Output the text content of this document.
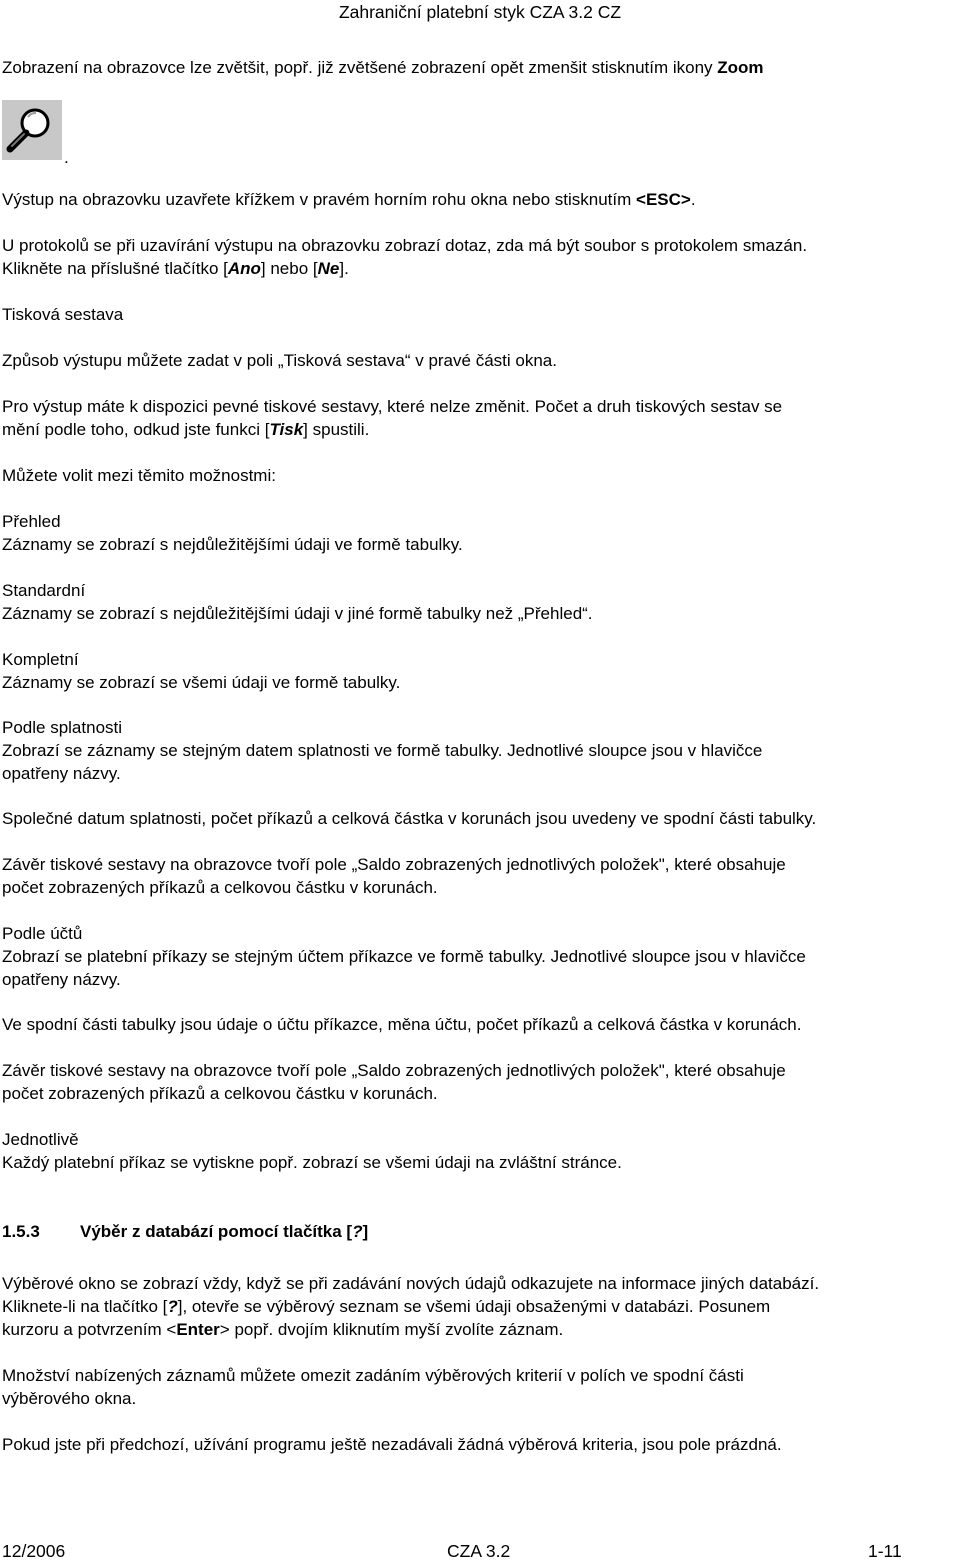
Zahraniční platební styk CZA 3.2 CZ

Zobrazení na obrazovce lze zvětšit, popř. již zvětšené zobrazení opět zmenšit stisknutím ikony Zoom

.

Výstup na obrazovku uzavřete křížkem v pravém horním rohu okna nebo stisknutím <ESC>.

U protokolů se při uzavírání výstupu na obrazovku zobrazí dotaz, zda má být soubor s protokolem smazán.
Klikněte na příslušné tlačítko [Ano] nebo [Ne].

Tisková sestava

Způsob výstupu můžete zadat v poli „Tisková sestava“ v pravé části okna.

Pro výstup máte k dispozici pevné tiskové sestavy, které nelze změnit. Počet a druh tiskových sestav se
mění podle toho, odkud jste funkci [Tisk] spustili.

Můžete volit mezi těmito možnostmi:

Přehled
Záznamy se zobrazí s nejdůležitějšími údaji ve formě tabulky.

Standardní
Záznamy se zobrazí s nejdůležitějšími údaji v jiné formě tabulky než „Přehled“.

Kompletní
Záznamy se zobrazí se všemi údaji ve formě tabulky.

Podle splatnosti
Zobrazí se záznamy se stejným datem splatnosti ve formě tabulky. Jednotlivé sloupce jsou v hlavičce
opatřeny názvy.

Společné datum splatnosti, počet příkazů a celková částka v korunách jsou uvedeny ve spodní části tabulky.

Závěr tiskové sestavy na obrazovce tvoří pole „Saldo zobrazených jednotlivých položek", které obsahuje
počet zobrazených příkazů a celkovou částku v korunách.

Podle účtů
Zobrazí se platební příkazy se stejným účtem příkazce ve formě tabulky. Jednotlivé sloupce jsou v hlavičce
opatřeny názvy.

Ve spodní části tabulky jsou údaje o účtu příkazce, měna účtu, počet příkazů a celková částka v korunách.

Závěr tiskové sestavy na obrazovce tvoří pole „Saldo zobrazených jednotlivých položek", které obsahuje
počet zobrazených příkazů a celkovou částku v korunách.

Jednotlivě
Každý platební příkaz se vytiskne popř. zobrazí se všemi údaji na zvláštní stránce.

1.5.3 Výběr z databází pomocí tlačítka [?]

Výběrové okno se zobrazí vždy, když se při zadávání nových údajů odkazujete na informace jiných databází.
Kliknete-li na tlačítko [?], otevře se výběrový seznam se všemi údaji obsaženými v databázi. Posunem
kurzoru a potvrzením <Enter> popř. dvojím kliknutím myší zvolíte záznam.

Množství nabízených záznamů můžete omezit zadáním výběrových kriterií v polích ve spodní části
výběrového okna.

Pokud jste při předchozí, užívání programu ještě nezadávali žádná výběrová kriteria, jsou pole prázdná.

12/2006	CZA 3.2	1-11
